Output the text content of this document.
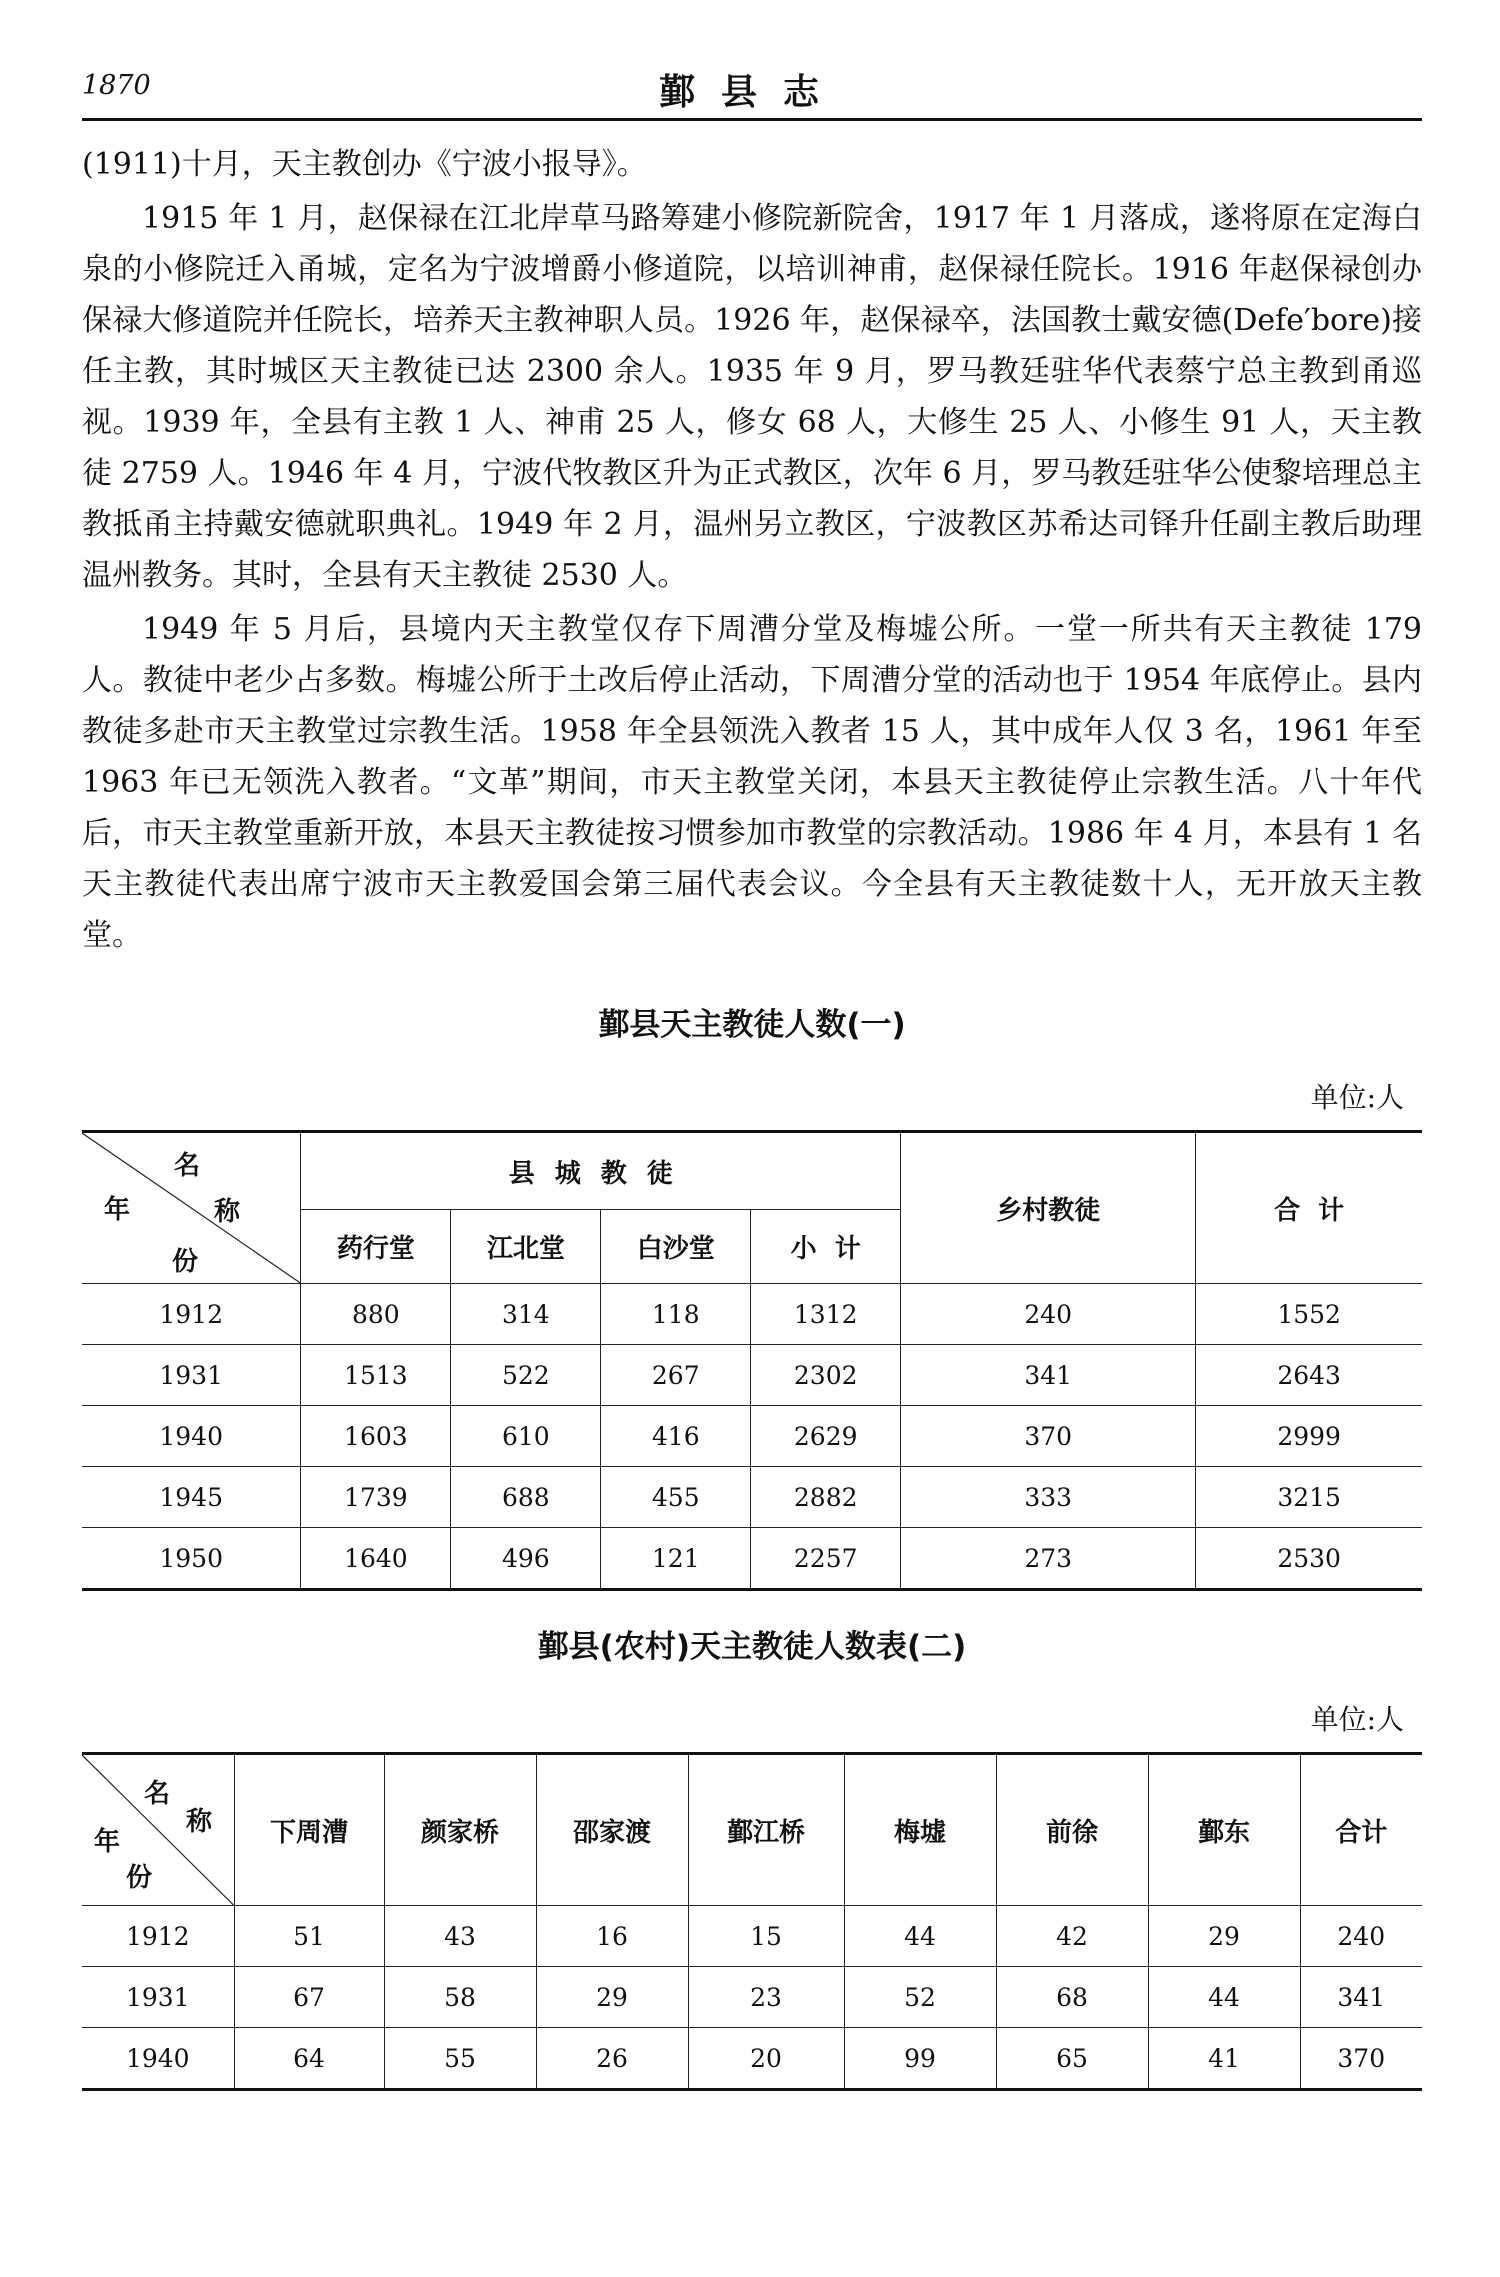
1870	鄞县志

(1911)十月，天主教创办《宁波小报导》。

1915 年 1 月，赵保禄在江北岸草马路筹建小修院新院舍，1917 年 1 月落成，遂将原在定海白泉的小修院迁入甬城，定名为宁波增爵小修道院，以培训神甫，赵保禄任院长。1916 年赵保禄创办保禄大修道院并任院长，培养天主教神职人员。1926 年，赵保禄卒，法国教士戴安德(Defe′bore)接任主教，其时城区天主教徒已达 2300 余人。1935 年 9 月，罗马教廷驻华代表蔡宁总主教到甬巡视。1939 年，全县有主教 1 人、神甫 25 人，修女 68 人，大修生 25 人、小修生 91 人，天主教徒 2759 人。1946 年 4 月，宁波代牧教区升为正式教区，次年 6 月，罗马教廷驻华公使黎培理总主教抵甬主持戴安德就职典礼。1949 年 2 月，温州另立教区，宁波教区苏希达司铎升任副主教后助理温州教务。其时，全县有天主教徒 2530 人。

1949 年 5 月后，县境内天主教堂仅存下周漕分堂及梅墟公所。一堂一所共有天主教徒 179 人。教徒中老少占多数。梅墟公所于土改后停止活动，下周漕分堂的活动也于 1954 年底停止。县内教徒多赴市天主教堂过宗教生活。1958 年全县领洗入教者 15 人，其中成年人仅 3 名，1961 年至 1963 年已无领洗入教者。“文革”期间，市天主教堂关闭，本县天主教徒停止宗教生活。八十年代后，市天主教堂重新开放，本县天主教徒按习惯参加市教堂的宗教活动。1986 年 4 月，本县有 1 名天主教徒代表出席宁波市天主教爱国会第三届代表会议。今全县有天主教徒数十人，无开放天主教堂。

鄞县天主教徒人数(一)
单位:人
名
称
年
份	县城教徒				乡村教徒	合  计
	药行堂	江北堂	白沙堂	小  计		
1912	880	314	118	1312	240	1552
1931	1513	522	267	2302	341	2643
1940	1603	610	416	2629	370	2999
1945	1739	688	455	2882	333	3215
1950	1640	496	121	2257	273	2530
鄞县(农村)天主教徒人数表(二)
单位:人
名
称
年
份	下周漕	颜家桥	邵家渡	鄞江桥	梅墟	前徐	鄞东	合计
1912	51	43	16	15	44	42	29	240
1931	67	58	29	23	52	68	44	341
1940	64	55	26	20	99	65	41	370
